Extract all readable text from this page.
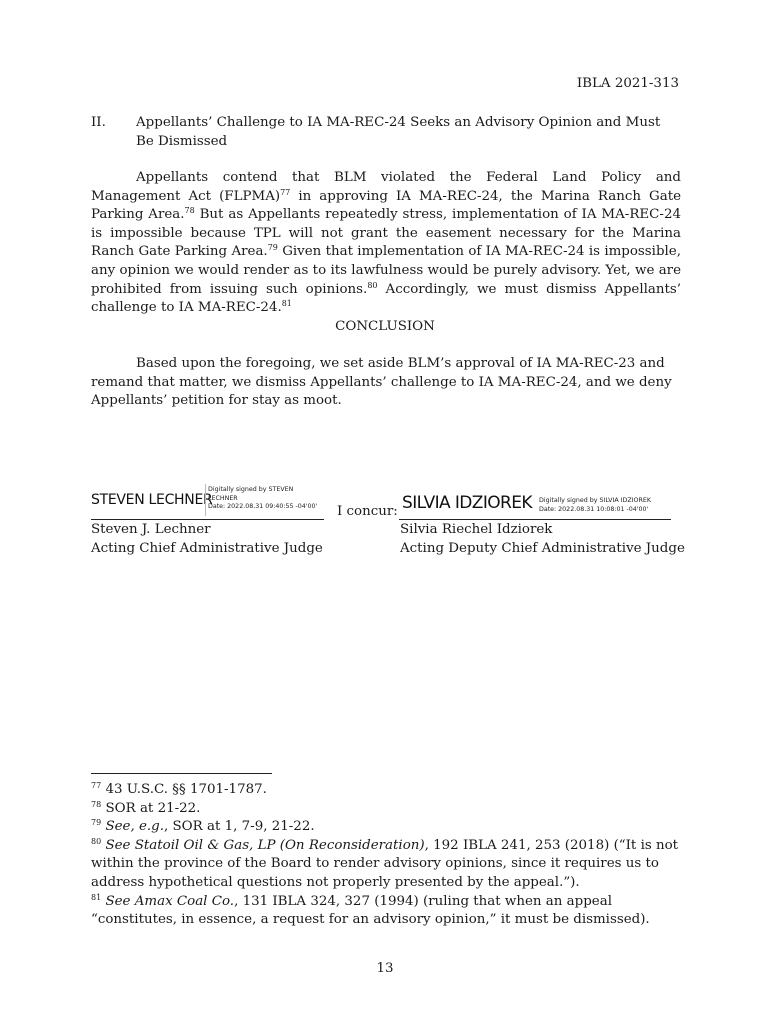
IBLA 2021-313
II. Appellants’ Challenge to IA MA-REC-24 Seeks an Advisory Opinion and Must Be Dismissed
Appellants contend that BLM violated the Federal Land Policy and Management Act (FLPMA)$^{77}$ in approving IA MA-REC-24, the Marina Ranch Gate Parking Area.$^{78}$ But as Appellants repeatedly stress, implementation of IA MA-REC-24 is impossible because TPL will not grant the easement necessary for the Marina Ranch Gate Parking Area.$^{79}$ Given that implementation of IA MA-REC-24 is impossible, any opinion we would render as to its lawfulness would be purely advisory. Yet, we are prohibited from issuing such opinions.$^{80}$ Accordingly, we must dismiss Appellants’ challenge to IA MA-REC-24.81
CONCLUSION
Based upon the foregoing, we set aside BLM’s approval of IA MA-REC-23 and remand that matter, we dismiss Appellants’ challenge to IA MA-REC-24, and we deny Appellants’ petition for stay as moot.
STEVEN LECHNER
Digitally signed by STEVEN
LECHNER
Date: 2022.08.31 09:40:55 -04'00'
Steven J. Lechner
Acting Chief Administrative Judge
I concur: SILVIA IDZIOREK Digitally signed by SILVIA IDZIOREK
Date: 2022.08.31 10:08:01 -04'00'
Silvia Riechel Idziorek
Acting Deputy Chief Administrative Judge
$^{77}$ 43 U.S.C. §§ 1701-1787.
$^{78}$ SOR at 21-22.
$^{79}$ See, e.g., SOR at 1, 7-9, 21-22.
$^{80}$ See Statoil Oil & Gas, LP (On Reconsideration), 192 IBLA 241, 253 (2018) (“It is not within the province of the Board to render advisory opinions, since it requires us to address hypothetical questions not properly presented by the appeal.”).
$^{81}$ See Amax Coal Co., 131 IBLA 324, 327 (1994) (ruling that when an appeal “constitutes, in essence, a request for an advisory opinion,” it must be dismissed).
13
